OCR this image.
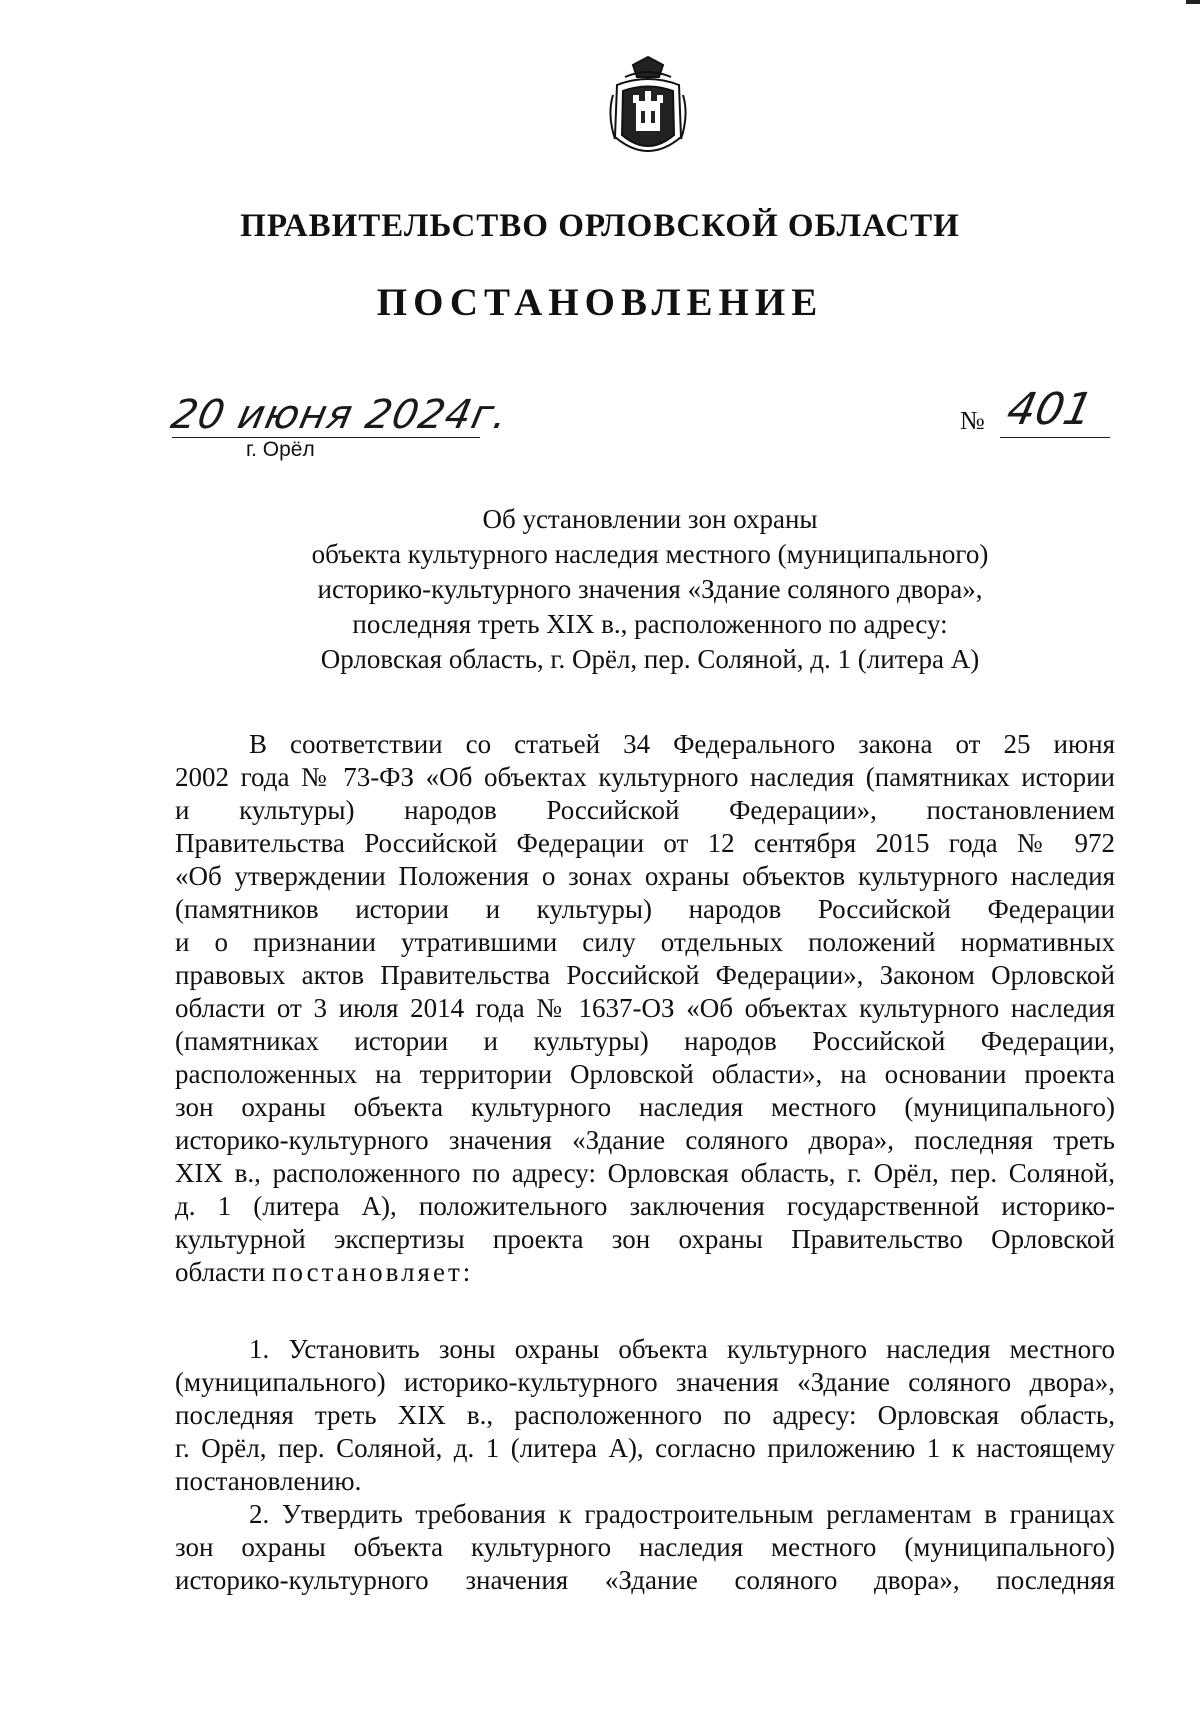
ПРАВИТЕЛЬСТВО ОРЛОВСКОЙ ОБЛАСТИ
ПОСТАНОВЛЕНИЕ
20 июня 2024г.
г. Орёл
№ 401
Об установлении зон охраны
объекта культурного наследия местного (муниципального)
историко-культурного значения «Здание соляного двора»,
последняя треть XIX в., расположенного по адресу:
Орловская область, г. Орёл, пер. Соляной, д. 1 (литера А)
В соответствии со статьей 34 Федерального закона от 25 июня
2002 года № 73-ФЗ «Об объектах культурного наследия (памятниках истории
и культуры) народов Российской Федерации», постановлением
Правительства Российской Федерации от 12 сентября 2015 года № 972
«Об утверждении Положения о зонах охраны объектов культурного наследия
(памятников истории и культуры) народов Российской Федерации
и о признании утратившими силу отдельных положений нормативных
правовых актов Правительства Российской Федерации», Законом Орловской
области от 3 июля 2014 года № 1637-ОЗ «Об объектах культурного наследия
(памятниках истории и культуры) народов Российской Федерации,
расположенных на территории Орловской области», на основании проекта
зон охраны объекта культурного наследия местного (муниципального)
историко-культурного значения «Здание соляного двора», последняя треть
XIX в., расположенного по адресу: Орловская область, г. Орёл, пер. Соляной,
д. 1 (литера А), положительного заключения государственной историко-
культурной экспертизы проекта зон охраны Правительство Орловской
области постановляет:
1. Установить зоны охраны объекта культурного наследия местного
(муниципального) историко-культурного значения «Здание соляного двора»,
последняя треть XIX в., расположенного по адресу: Орловская область,
г. Орёл, пер. Соляной, д. 1 (литера А), согласно приложению 1 к настоящему
постановлению.
2. Утвердить требования к градостроительным регламентам в границах
зон охраны объекта культурного наследия местного (муниципального)
историко-культурного значения «Здание соляного двора», последняя
